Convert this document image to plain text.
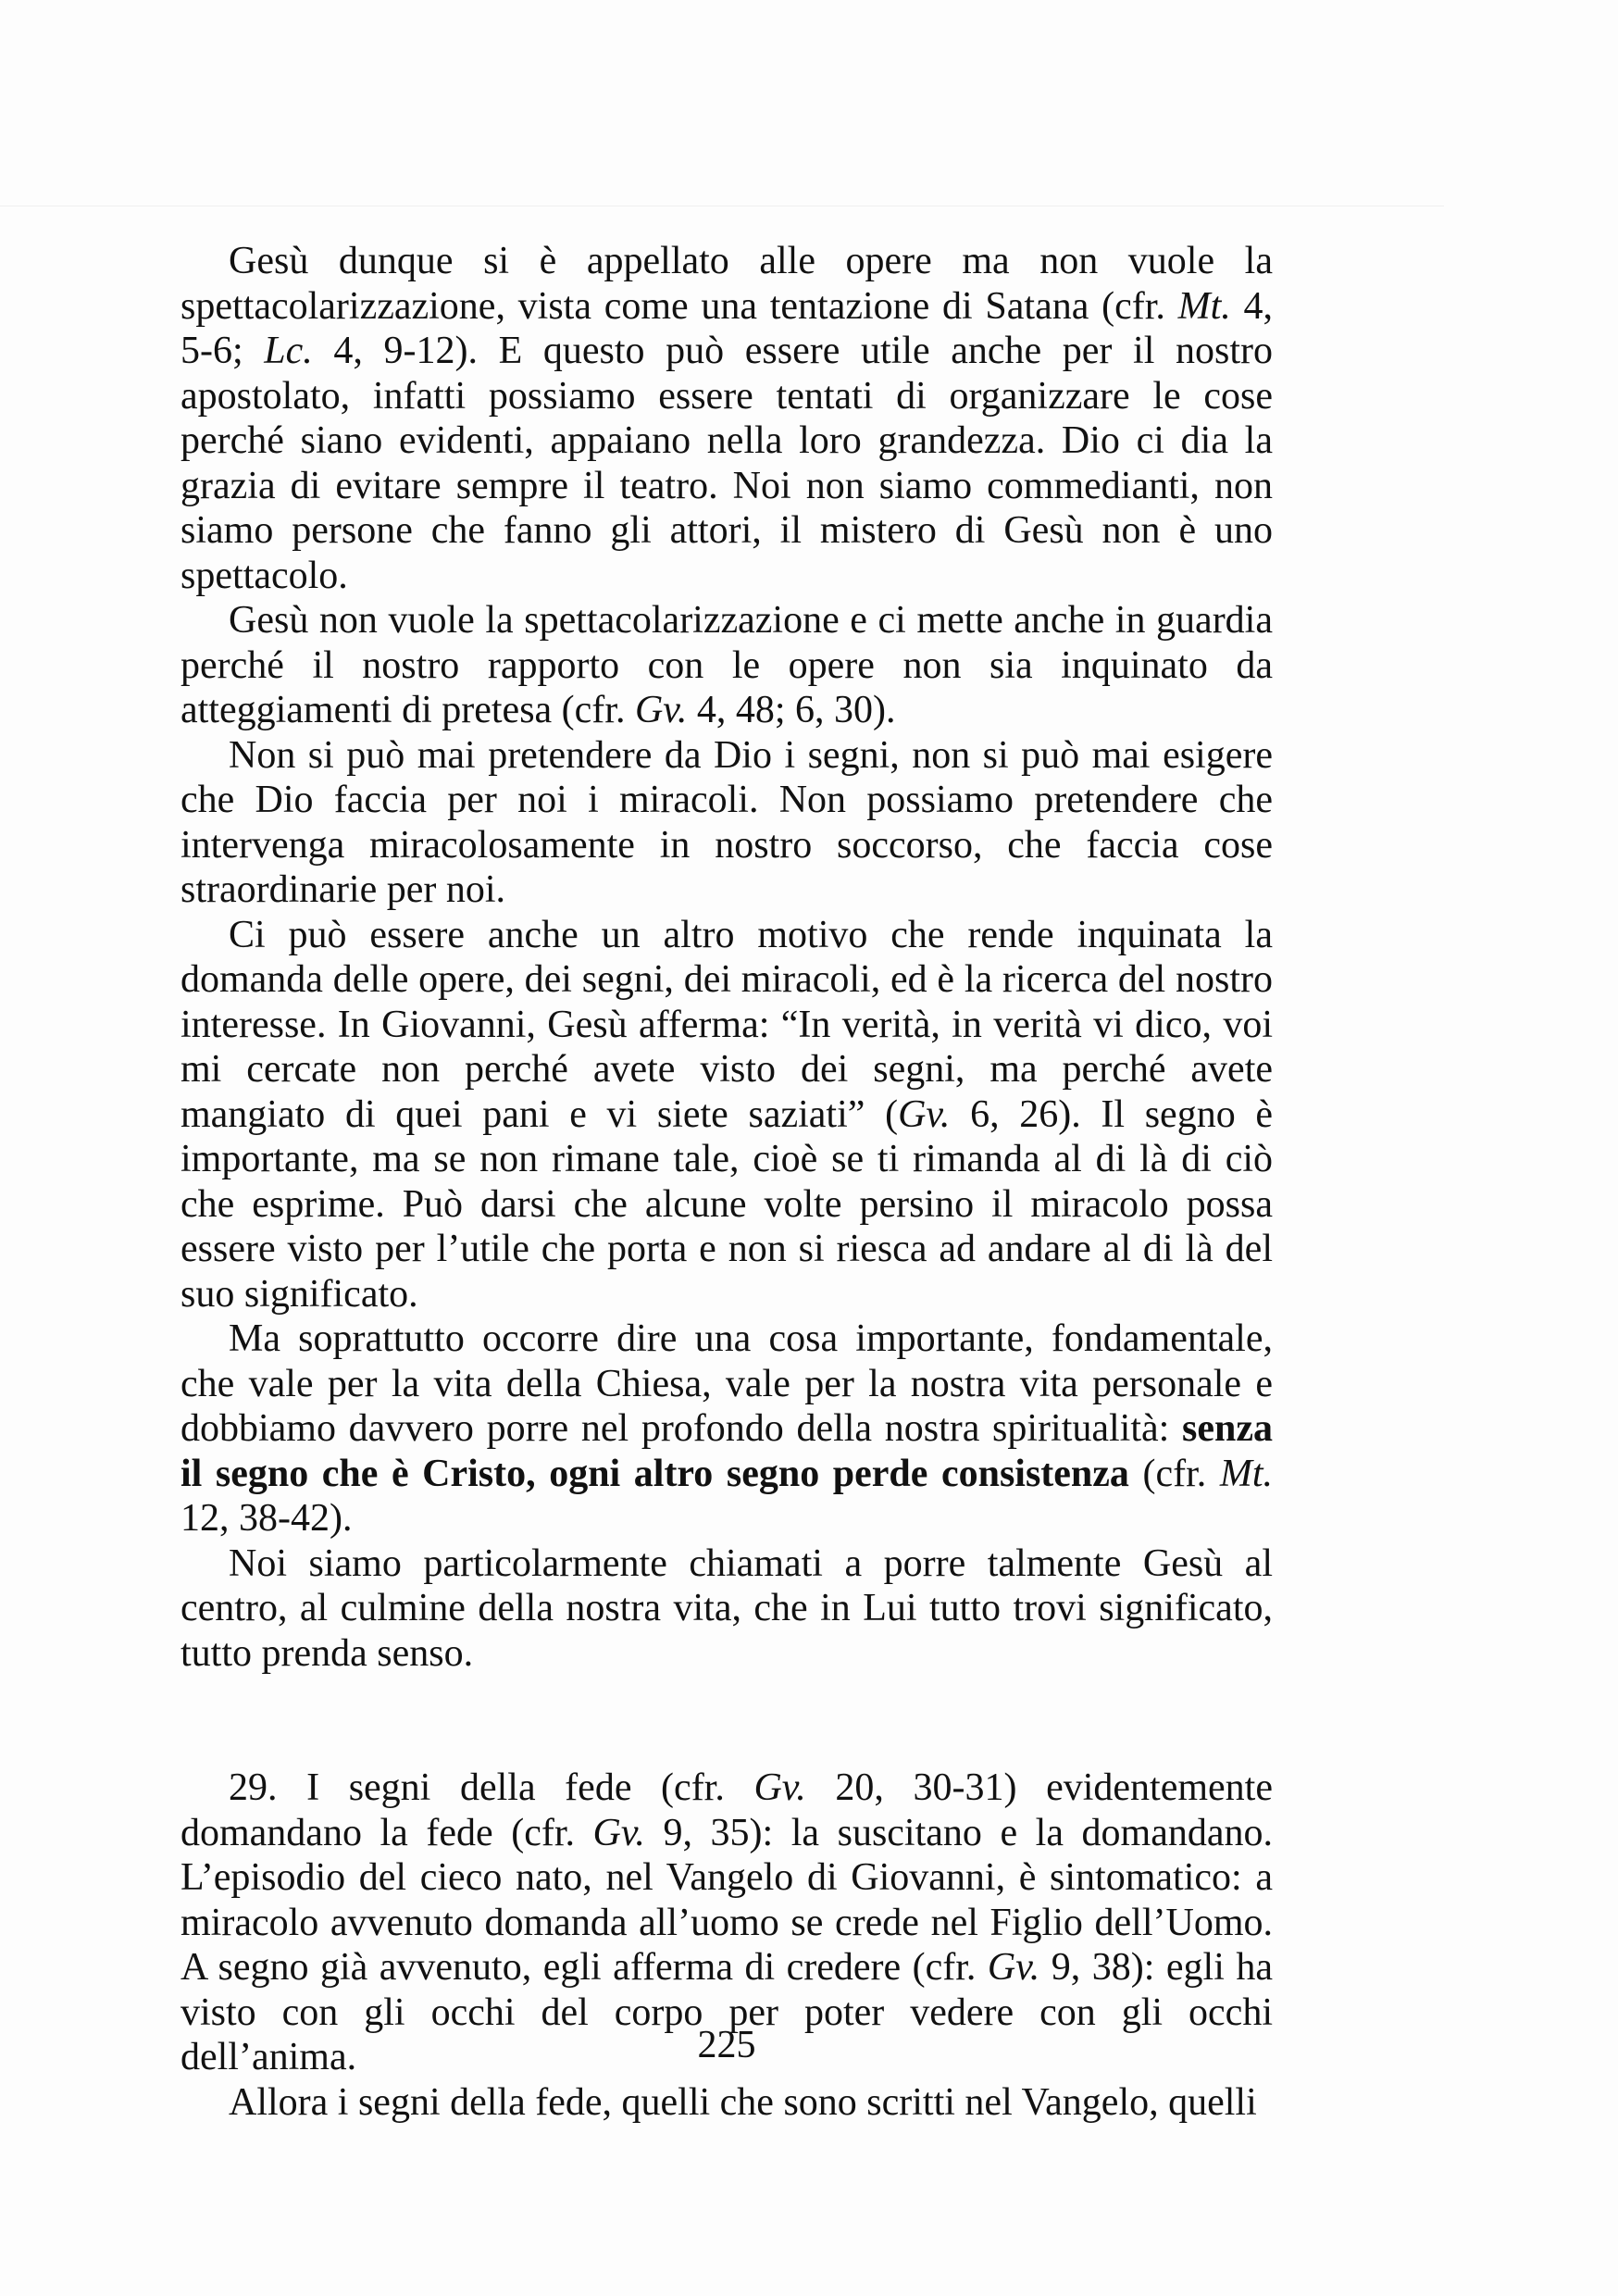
Gesù dunque si è appellato alle opere ma non vuole la spettacolarizzazione, vista come una tentazione di Satana (cfr. Mt. 4, 5-6; Lc. 4, 9-12). E questo può essere utile anche per il nostro apostolato, infatti possiamo essere tentati di organizzare le cose perché siano evidenti, appaiano nella loro grandezza. Dio ci dia la grazia di evitare sempre il teatro. Noi non siamo commedianti, non siamo persone che fanno gli attori, il mistero di Gesù non è uno spettacolo.

Gesù non vuole la spettacolarizzazione e ci mette anche in guardia perché il nostro rapporto con le opere non sia inquinato da atteggiamenti di pretesa (cfr. Gv. 4, 48; 6, 30).

Non si può mai pretendere da Dio i segni, non si può mai esigere che Dio faccia per noi i miracoli. Non possiamo pretendere che intervenga miracolosamente in nostro soccorso, che faccia cose straordinarie per noi.

Ci può essere anche un altro motivo che rende inquinata la domanda delle opere, dei segni, dei miracoli, ed è la ricerca del nostro interesse. In Giovanni, Gesù afferma: “In verità, in verità vi dico, voi mi cercate non perché avete visto dei segni, ma perché avete mangiato di quei pani e vi siete saziati” (Gv. 6, 26). Il segno è importante, ma se non rimane tale, cioè se ti rimanda al di là di ciò che esprime. Può darsi che alcune volte persino il miracolo possa essere visto per l’utile che porta e non si riesca ad andare al di là del suo significato.

Ma soprattutto occorre dire una cosa importante, fondamentale, che vale per la vita della Chiesa, vale per la nostra vita personale e dobbiamo davvero porre nel profondo della nostra spiritualità: senza il segno che è Cristo, ogni altro segno perde consistenza (cfr. Mt. 12, 38-42).

Noi siamo particolarmente chiamati a porre talmente Gesù al centro, al culmine della nostra vita, che in Lui tutto trovi significato, tutto prenda senso.

29. I segni della fede (cfr. Gv. 20, 30-31) evidentemente domandano la fede (cfr. Gv. 9, 35): la suscitano e la domandano. L’episodio del cieco nato, nel Vangelo di Giovanni, è sintomatico: a miracolo avvenuto domanda all’uomo se crede nel Figlio dell’Uomo. A segno già avvenuto, egli afferma di credere (cfr. Gv. 9, 38): egli ha visto con gli occhi del corpo per poter vedere con gli occhi dell’anima.

Allora i segni della fede, quelli che sono scritti nel Vangelo, quelli

225
